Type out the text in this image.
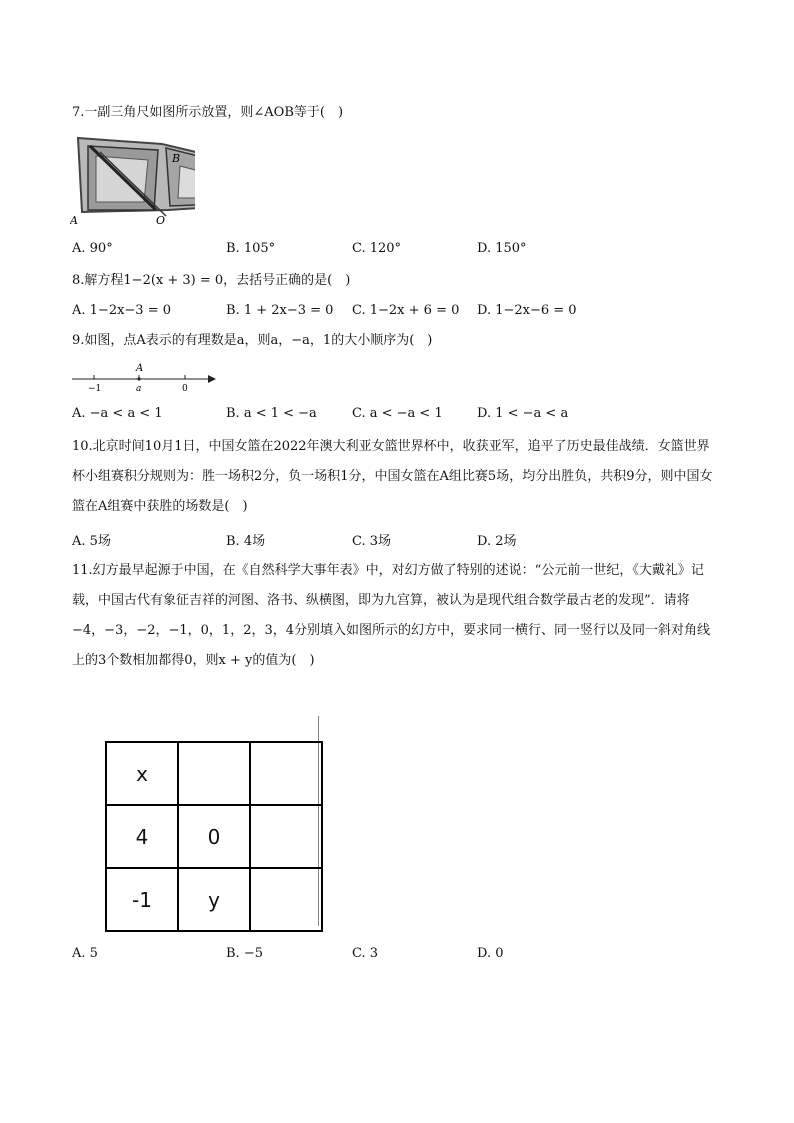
7.一副三角尺如图所示放置，则∠AOB等于(　)
A
B
O
A. 90°	B. 105°	C. 120°	D. 150°
8.解方程1−2(x + 3) = 0，去括号正确的是(　)
A. 1−2x−3 = 0	B. 1 + 2x−3 = 0 C. 1−2x + 6 = 0 D. 1−2x−6 = 0
9.如图，点A表示的有理数是a，则a，−a，1的大小顺序为(　)
A
−1	a	0
A. −a < a < 1	B. a < 1 < −a	C. a < −a < 1	D. 1 < −a < a
10.北京时间10月1日，中国女篮在2022年澳大利亚女篮世界杯中，收获亚军，追平了历史最佳战绩．女篮世界杯小组赛积分规则为：胜一场积2分，负一场积1分，中国女篮在A组比赛5场，均分出胜负，共积9分，则中国女篮在A组赛中获胜的场数是(　)
A. 5场	B. 4场	C. 3场	D. 2场
11.幻方最早起源于中国，在《自然科学大事年表》中，对幻方做了特别的述说：“公元前一世纪，《大戴礼》记载，中国古代有象征吉祥的河图、洛书、纵横图，即为九宫算，被认为是现代组合数学最古老的发现”．请将−4，−3，−2，−1，0，1，2，3，4分别填入如图所示的幻方中，要求同一横行、同一竖行以及同一斜对角线上的3个数相加都得0，则x + y的值为(　)
x		
4	0	
-1	y	
A. 5	B. −5	C. 3	D. 0
